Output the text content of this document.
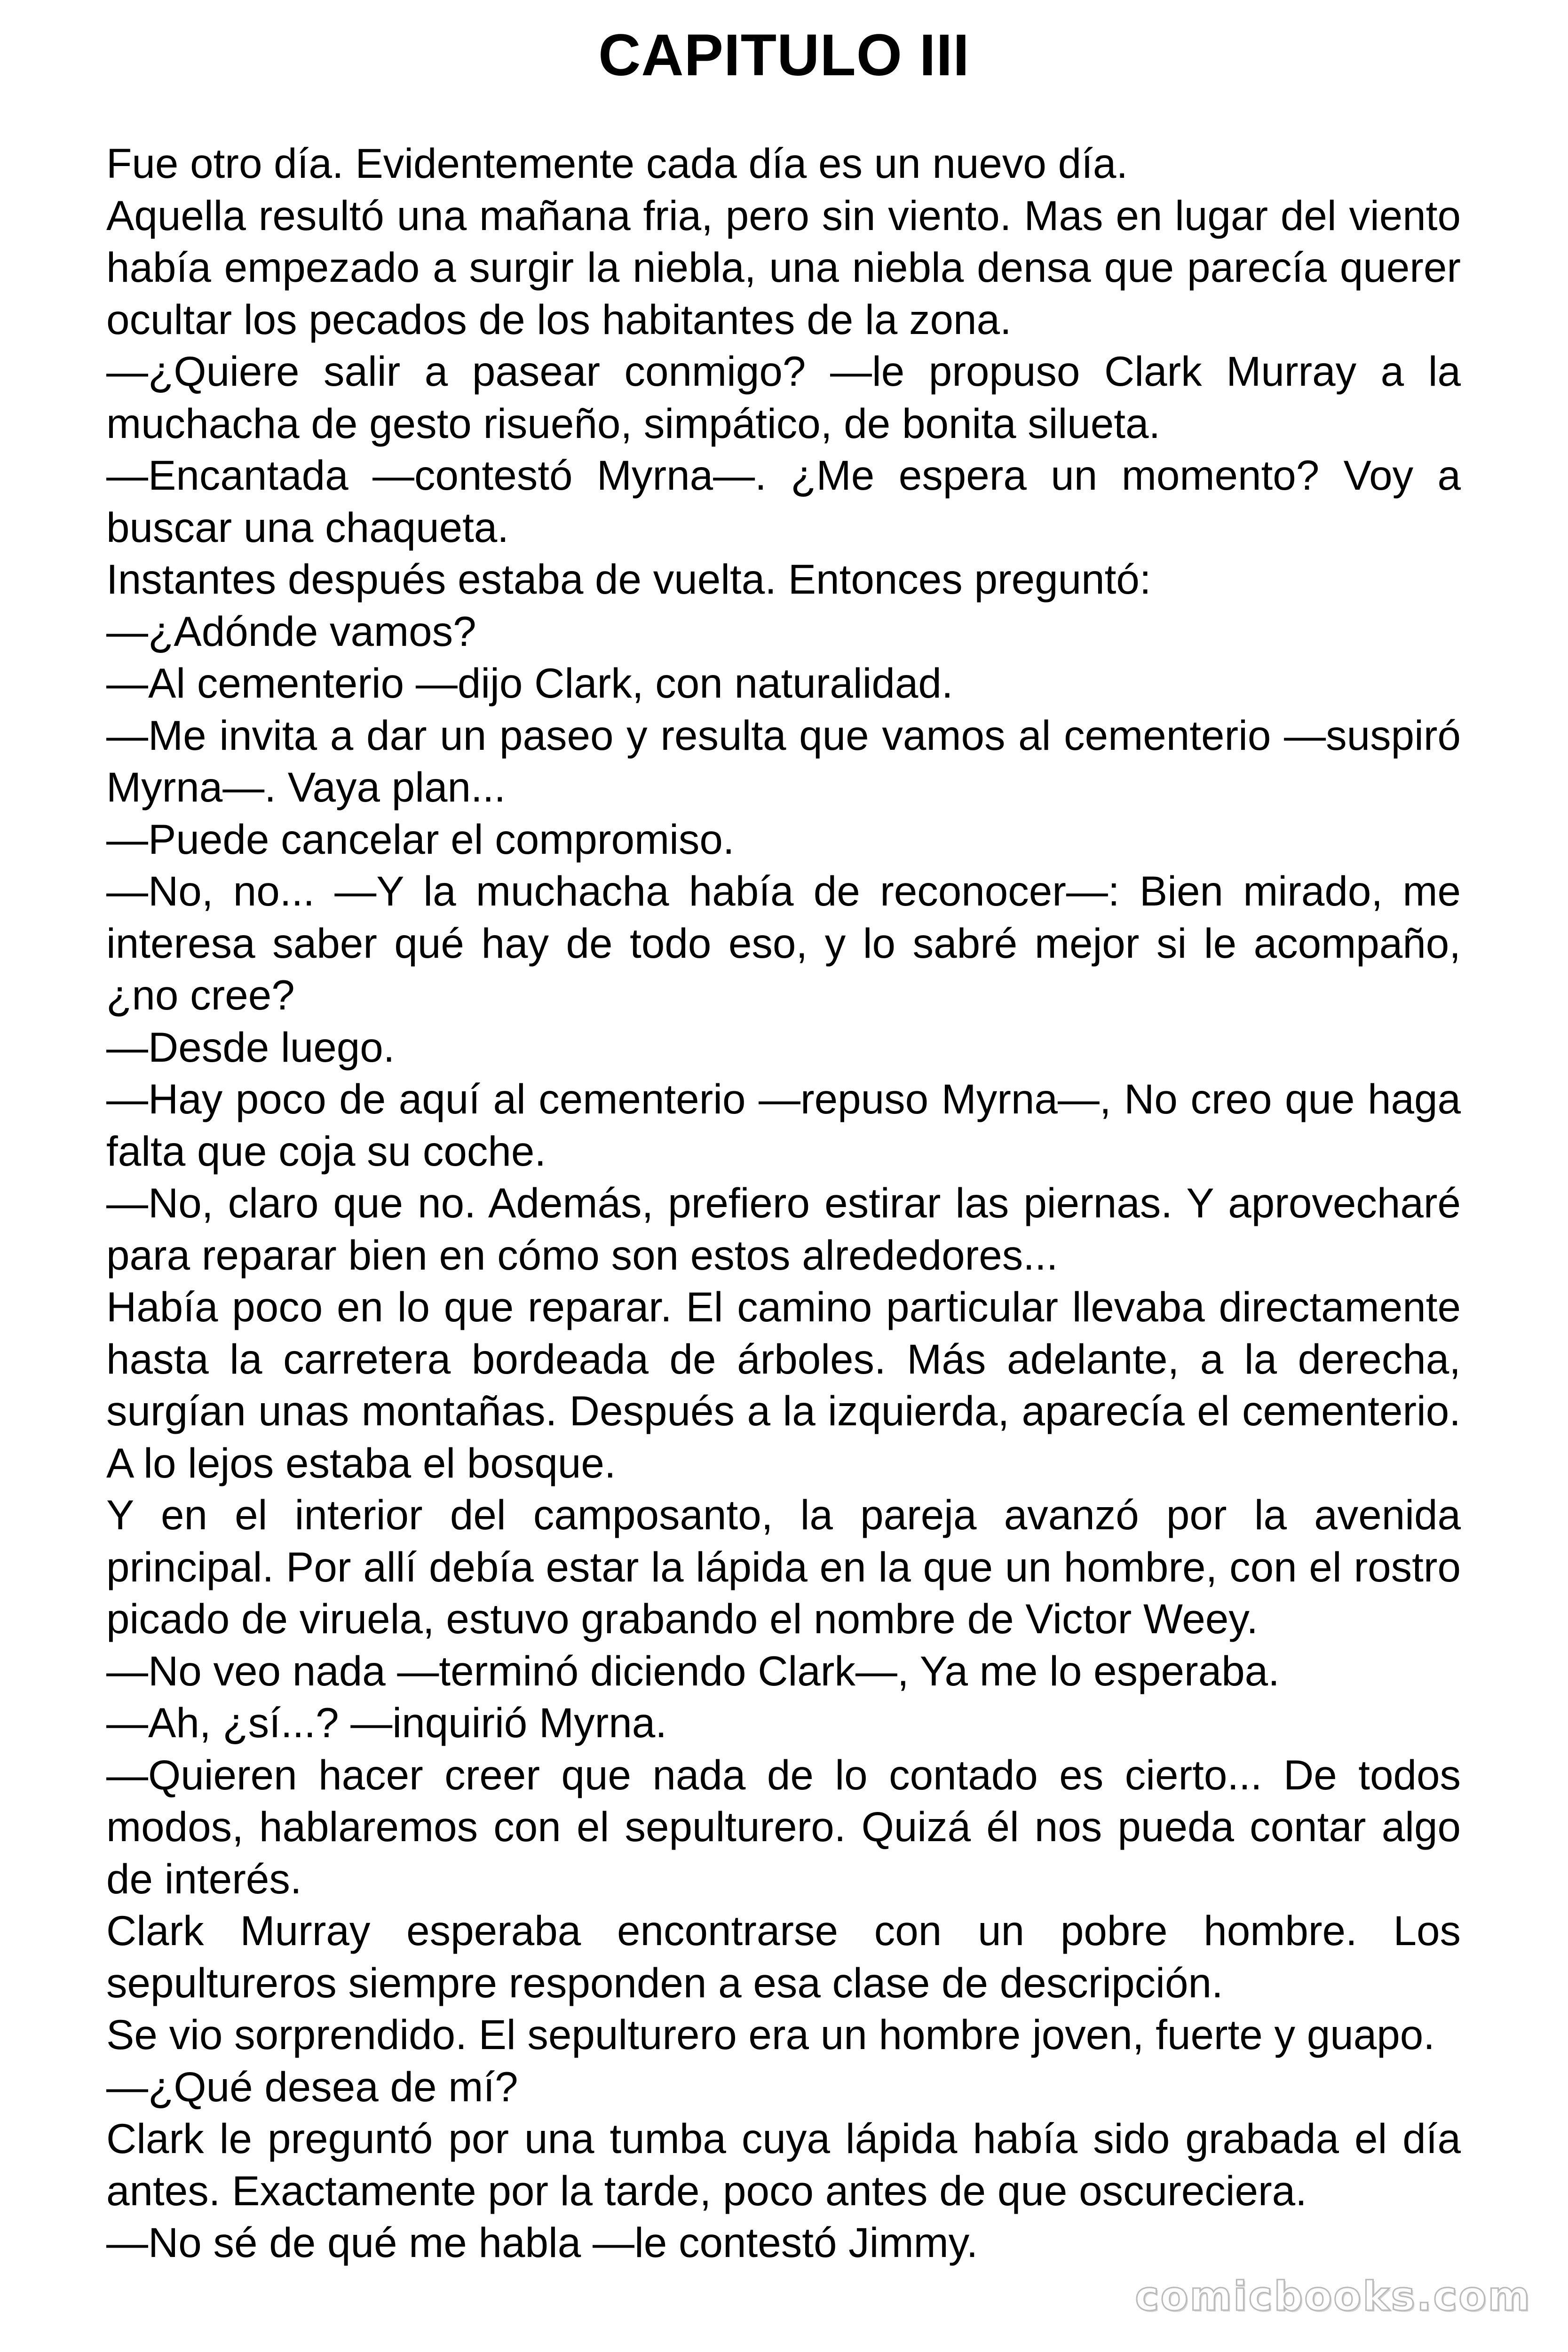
CAPITULO III

Fue otro día. Evidentemente cada día es un nuevo día.

Aquella resultó una mañana fria, pero sin viento. Mas en lugar del viento había empezado a surgir la niebla, una niebla densa que parecía querer ocultar los pecados de los habitantes de la zona.

—¿Quiere salir a pasear conmigo? —le propuso Clark Murray a la muchacha de gesto risueño, simpático, de bonita silueta.

—Encantada —contestó Myrna—. ¿Me espera un momento? Voy a buscar una chaqueta.

Instantes después estaba de vuelta. Entonces preguntó:

—¿Adónde vamos?

—Al cementerio —dijo Clark, con naturalidad.

—Me invita a dar un paseo y resulta que vamos al cementerio —suspiró Myrna—. Vaya plan...

—Puede cancelar el compromiso.

—No, no... —Y la muchacha había de reconocer—: Bien mirado, me interesa saber qué hay de todo eso, y lo sabré mejor si le acompaño, ¿no cree?

—Desde luego.

—Hay poco de aquí al cementerio —repuso Myrna—, No creo que haga falta que coja su coche.

—No, claro que no. Además, prefiero estirar las piernas. Y aprovecharé para reparar bien en cómo son estos alrededores...

Había poco en lo que reparar. El camino particular llevaba directamente hasta la carretera bordeada de árboles. Más adelante, a la derecha, surgían unas montañas. Después a la izquierda, aparecía el cementerio. A lo lejos estaba el bosque.

Y en el interior del camposanto, la pareja avanzó por la avenida principal. Por allí debía estar la lápida en la que un hombre, con el rostro picado de viruela, estuvo grabando el nombre de Victor Weey.

—No veo nada —terminó diciendo Clark—, Ya me lo esperaba.

—Ah, ¿sí...? —inquirió Myrna.

—Quieren hacer creer que nada de lo contado es cierto... De todos modos, hablaremos con el sepulturero. Quizá él nos pueda contar algo de interés.

Clark Murray esperaba encontrarse con un pobre hombre. Los sepultureros siempre responden a esa clase de descripción.

Se vio sorprendido. El sepulturero era un hombre joven, fuerte y guapo.

—¿Qué desea de mí?

Clark le preguntó por una tumba cuya lápida había sido grabada el día antes. Exactamente por la tarde, poco antes de que oscureciera.

—No sé de qué me habla —le contestó Jimmy.

comicbooks.com
